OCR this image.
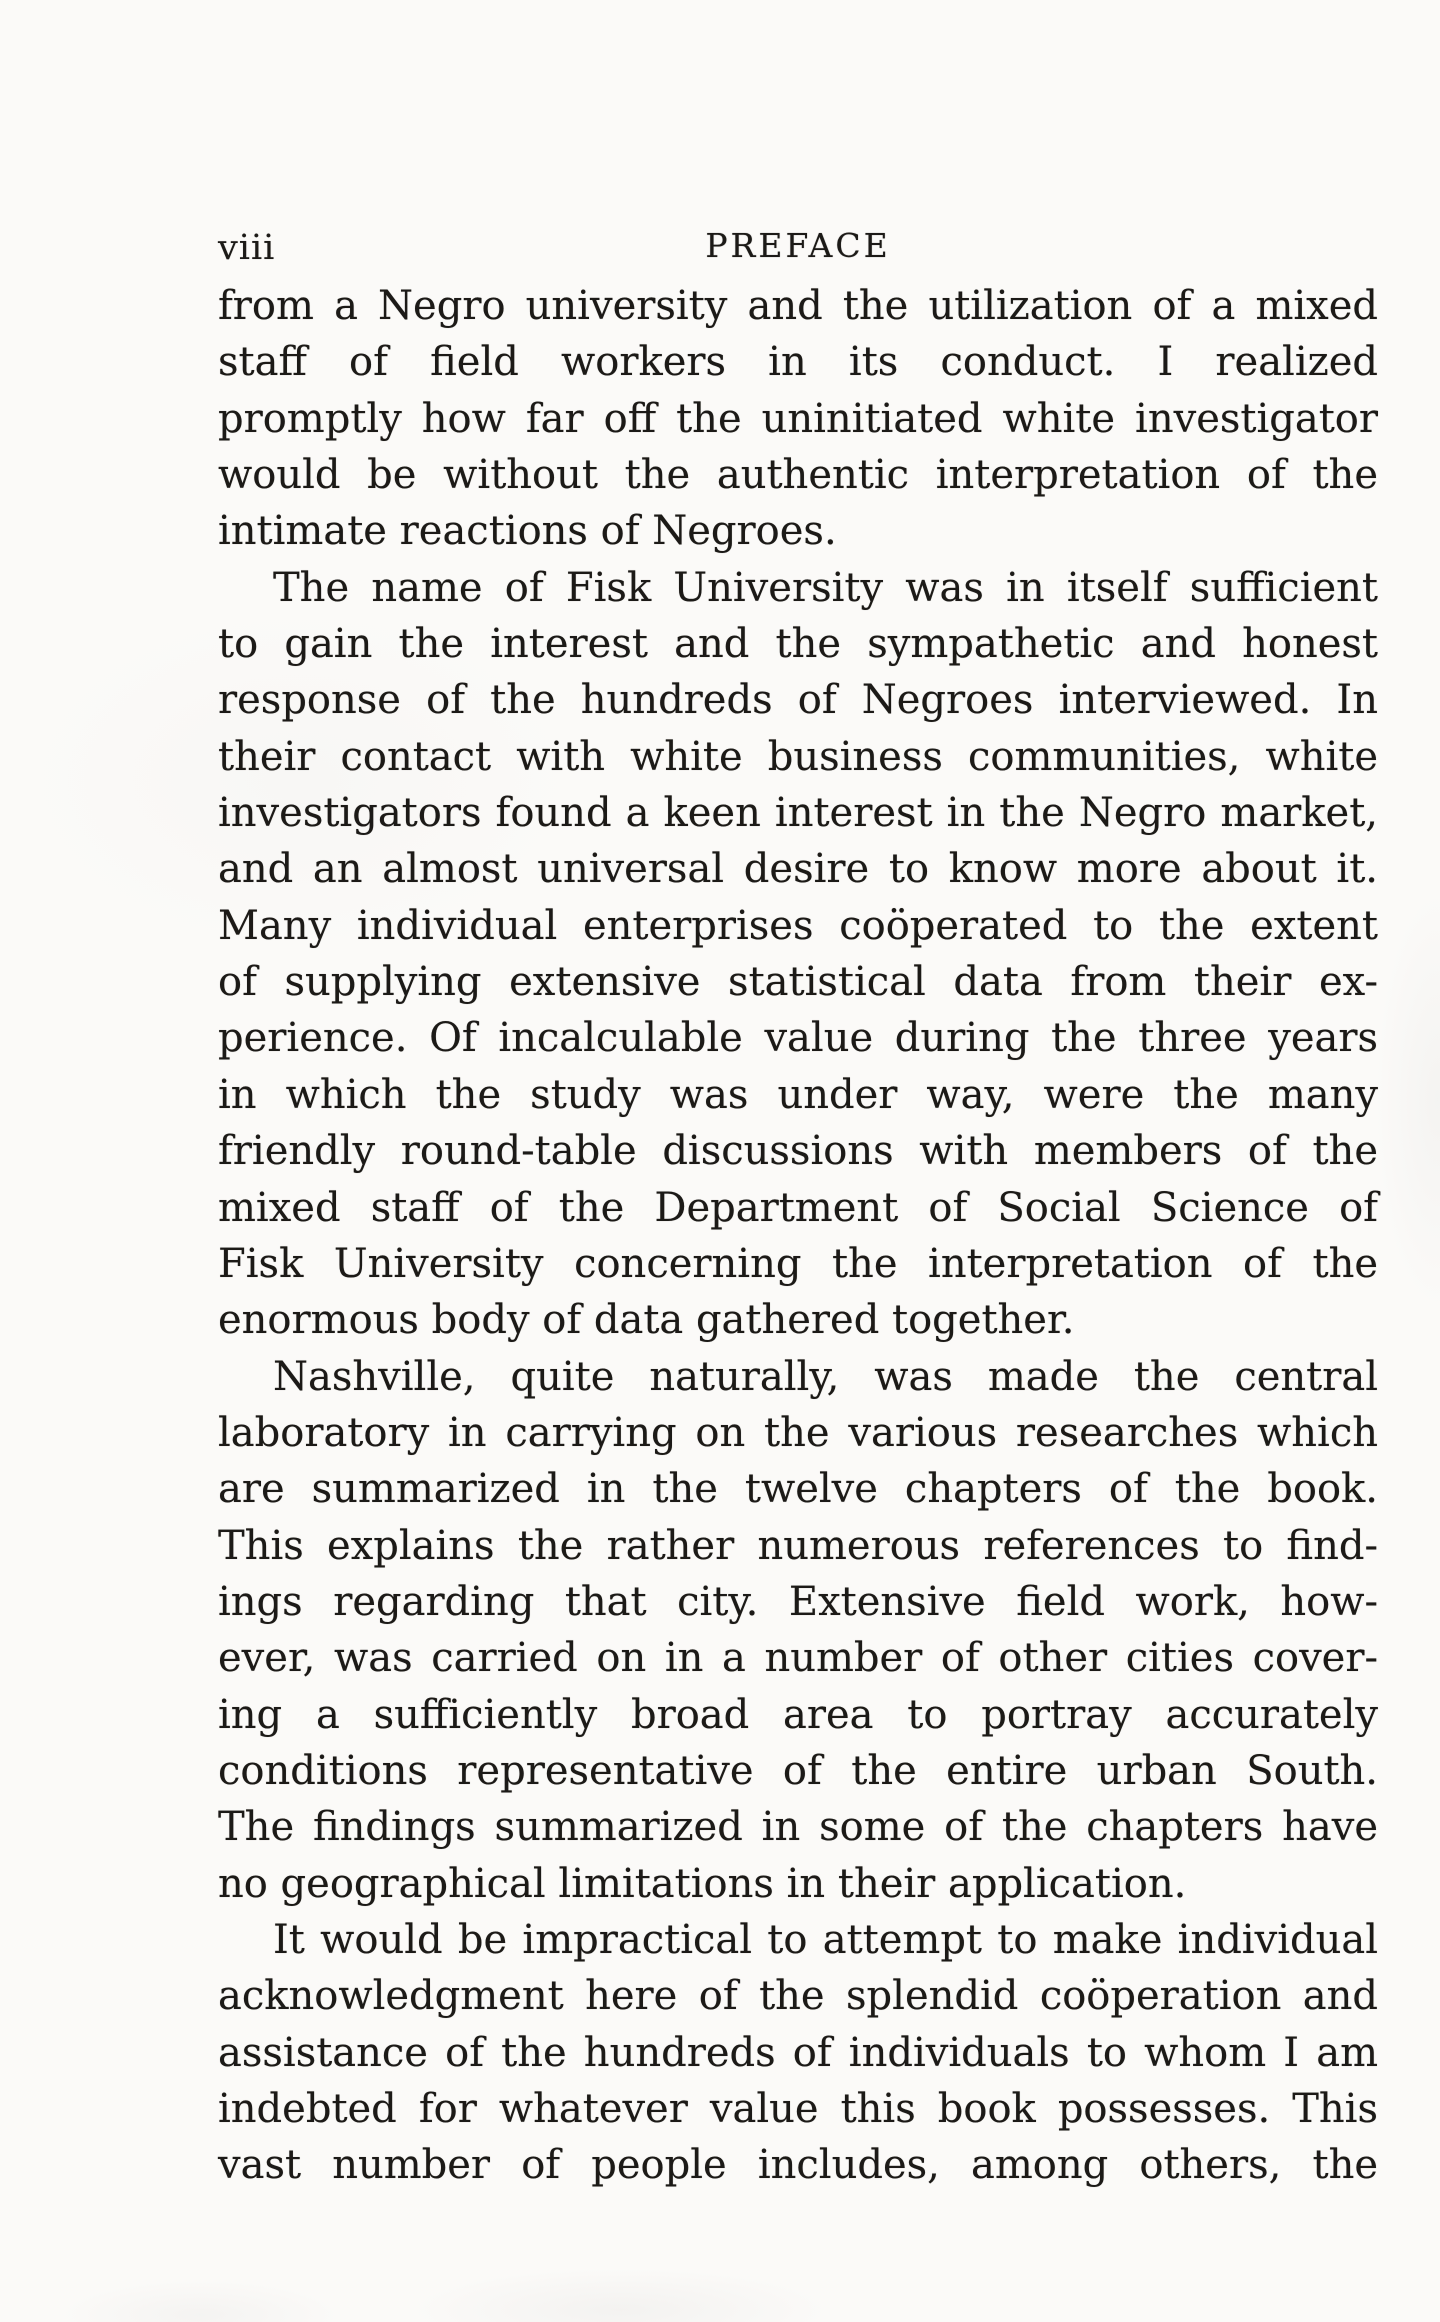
viii	PREFACE
from a Negro university and the utilization of a mixed
staff of field workers in its conduct. I realized
promptly how far off the uninitiated white investigator
would be without the authentic interpretation of the
intimate reactions of Negroes.
The name of Fisk University was in itself sufficient
to gain the interest and the sympathetic and honest
response of the hundreds of Negroes interviewed. In
their contact with white business communities, white
investigators found a keen interest in the Negro market,
and an almost universal desire to know more about it.
Many individual enterprises coöperated to the extent
of supplying extensive statistical data from their ex-
perience. Of incalculable value during the three years
in which the study was under way, were the many
friendly round-table discussions with members of the
mixed staff of the Department of Social Science of
Fisk University concerning the interpretation of the
enormous body of data gathered together.
Nashville, quite naturally, was made the central
laboratory in carrying on the various researches which
are summarized in the twelve chapters of the book.
This explains the rather numerous references to find-
ings regarding that city. Extensive field work, how-
ever, was carried on in a number of other cities cover-
ing a sufficiently broad area to portray accurately
conditions representative of the entire urban South.
The findings summarized in some of the chapters have
no geographical limitations in their application.
It would be impractical to attempt to make individual
acknowledgment here of the splendid coöperation and
assistance of the hundreds of individuals to whom I am
indebted for whatever value this book possesses. This
vast number of people includes, among others, the
